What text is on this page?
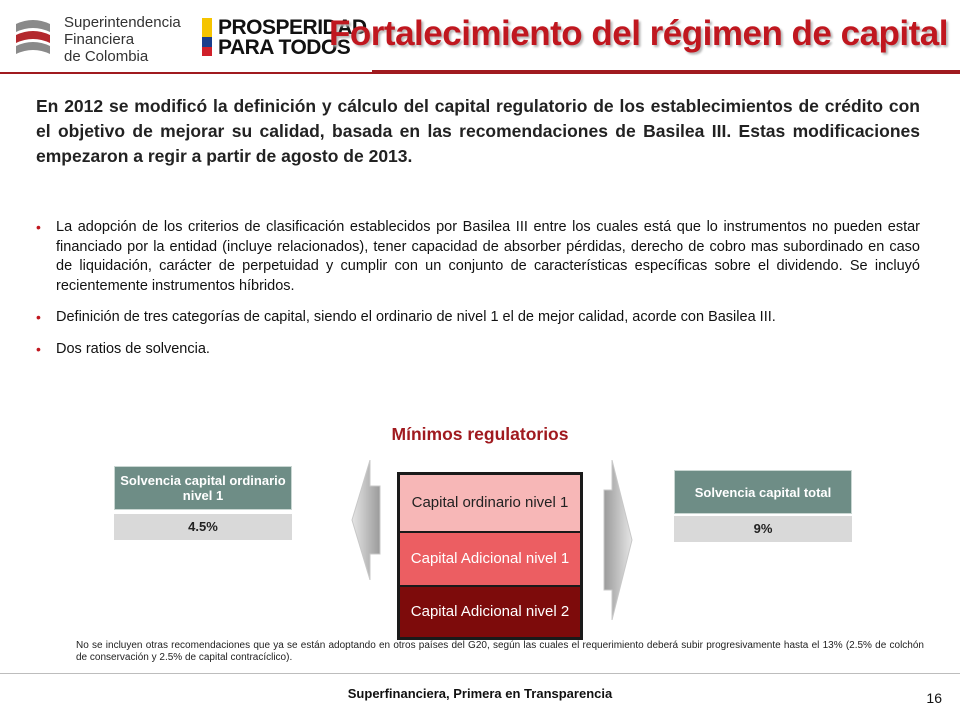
Superintendencia
Financiera
de Colombia
PROSPERIDAD
PARA TODOS
Fortalecimiento del régimen de capital
En 2012 se modificó la definición y cálculo del capital regulatorio de los establecimientos de crédito con el objetivo de mejorar su calidad, basada en las recomendaciones de Basilea III. Estas modificaciones empezaron a regir a partir de agosto de 2013.
• La adopción de los criterios de clasificación establecidos por Basilea III entre los cuales está que lo instrumentos no pueden estar financiado por la entidad (incluye relacionados), tener capacidad de absorber pérdidas, derecho de cobro mas subordinado en caso de liquidación, carácter de perpetuidad y cumplir con un conjunto de características específicas sobre el dividendo. Se incluyó recientemente instrumentos híbridos.
• Definición de tres categorías de capital, siendo el ordinario de nivel 1 el de mejor calidad, acorde con Basilea III.
• Dos ratios de solvencia.
Mínimos regulatorios
Solvencia capital ordinario nivel 1
4.5%
Solvencia capital total
9%
Capital ordinario nivel 1
Capital Adicional nivel 1
Capital Adicional nivel 2
No se incluyen otras recomendaciones que ya se están adoptando en otros países del G20, según las cuales el requerimiento deberá subir progresivamente hasta el 13% (2.5% de colchón de conservación y 2.5% de capital contracíclico).
Superfinanciera, Primera en Transparencia	16
